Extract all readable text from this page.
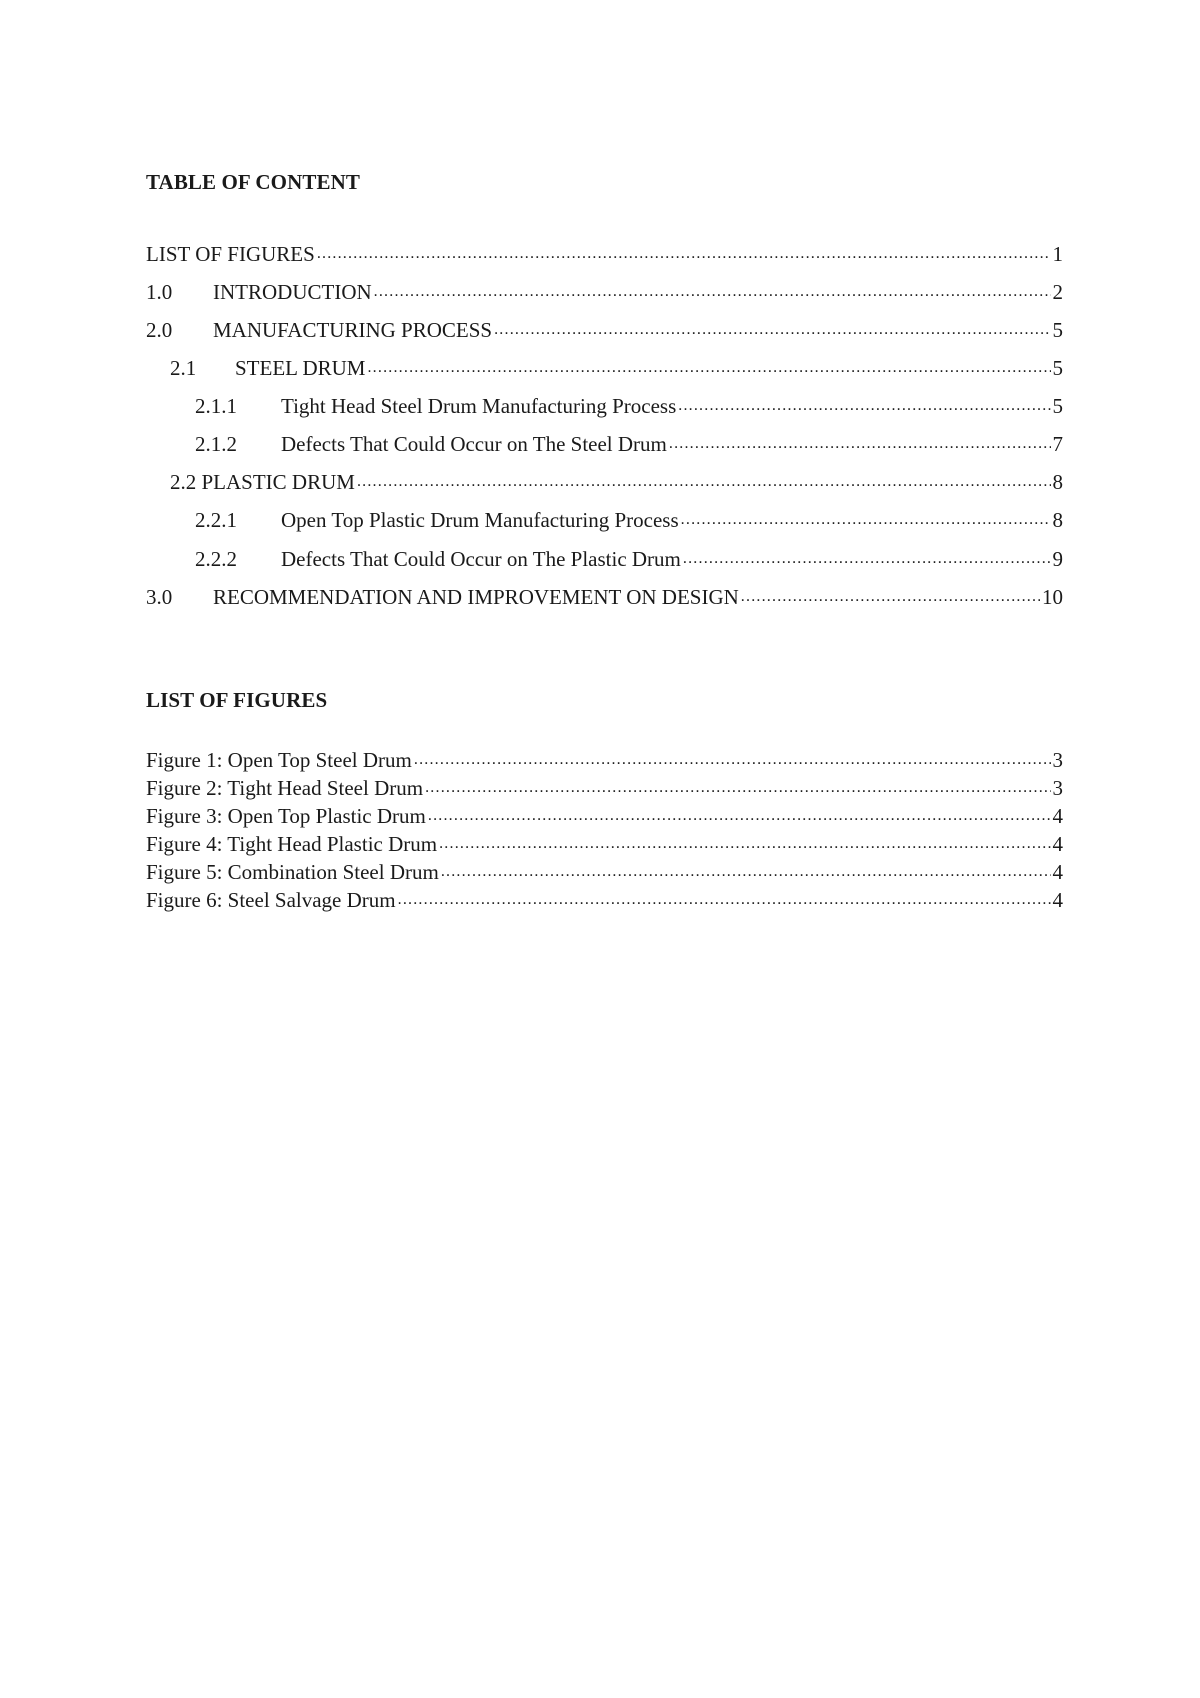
TABLE OF CONTENT
LIST OF FIGURES .....	1
1.0	INTRODUCTION .....	2
2.0	MANUFACTURING PROCESS .....	5
2.1	STEEL DRUM .....	5
2.1.1	Tight Head Steel Drum Manufacturing Process .....	5
2.1.2	Defects That Could Occur on The Steel Drum .....	7
2.2 PLASTIC DRUM .....	8
2.2.1	Open Top Plastic Drum Manufacturing Process .....	8
2.2.2	Defects That Could Occur on The Plastic Drum .....	9
3.0	RECOMMENDATION AND IMPROVEMENT ON DESIGN .....	10
LIST OF FIGURES
Figure 1: Open Top Steel Drum .....	3
Figure 2: Tight Head Steel Drum .....	3
Figure 3: Open Top Plastic Drum .....	4
Figure 4: Tight Head Plastic Drum .....	4
Figure 5: Combination Steel Drum .....	4
Figure 6: Steel Salvage Drum .....	4
